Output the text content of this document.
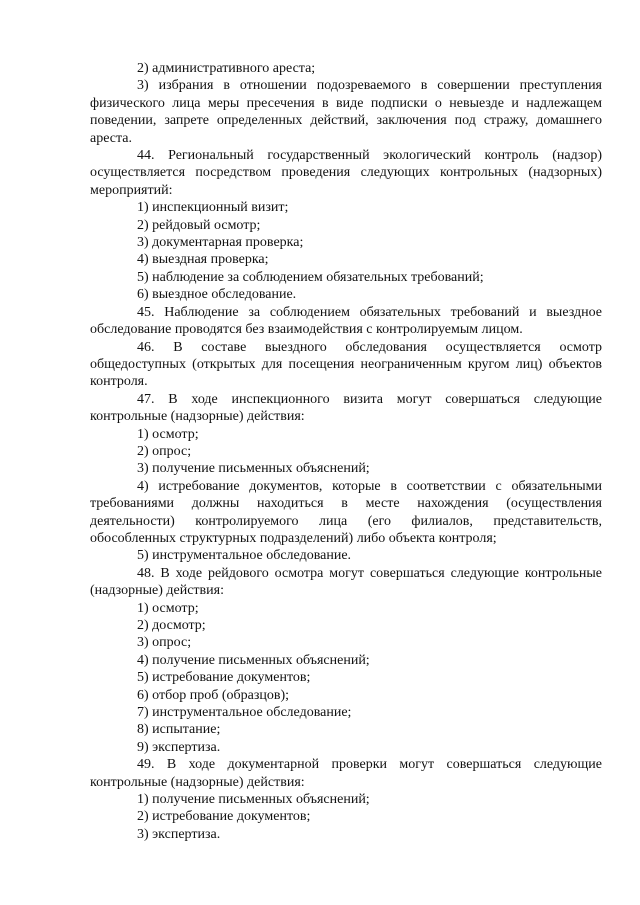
2) административного ареста;

3) избрания в отношении подозреваемого в совершении преступления физического лица меры пресечения в виде подписки о невыезде и надлежащем поведении, запрете определенных действий, заключения под стражу, домашнего ареста.

44. Региональный государственный экологический контроль (надзор) осуществляется посредством проведения следующих контрольных (надзорных) мероприятий:

1) инспекционный визит;

2) рейдовый осмотр;

3) документарная проверка;

4) выездная проверка;

5) наблюдение за соблюдением обязательных требований;

6) выездное обследование.

45. Наблюдение за соблюдением обязательных требований и выездное обследование проводятся без взаимодействия с контролируемым лицом.

46. В составе выездного обследования осуществляется осмотр общедоступных (открытых для посещения неограниченным кругом лиц) объектов контроля.

47. В ходе инспекционного визита могут совершаться следующие контрольные (надзорные) действия:

1) осмотр;

2) опрос;

3) получение письменных объяснений;

4) истребование документов, которые в соответствии с обязательными требованиями должны находиться в месте нахождения (осуществления деятельности) контролируемого лица (его филиалов, представительств, обособленных структурных подразделений) либо объекта контроля;

5) инструментальное обследование.

48. В ходе рейдового осмотра могут совершаться следующие контрольные (надзорные) действия:

1) осмотр;

2) досмотр;

3) опрос;

4) получение письменных объяснений;

5) истребование документов;

6) отбор проб (образцов);

7) инструментальное обследование;

8) испытание;

9) экспертиза.

49. В ходе документарной проверки могут совершаться следующие контрольные (надзорные) действия:

1) получение письменных объяснений;

2) истребование документов;

3) экспертиза.
